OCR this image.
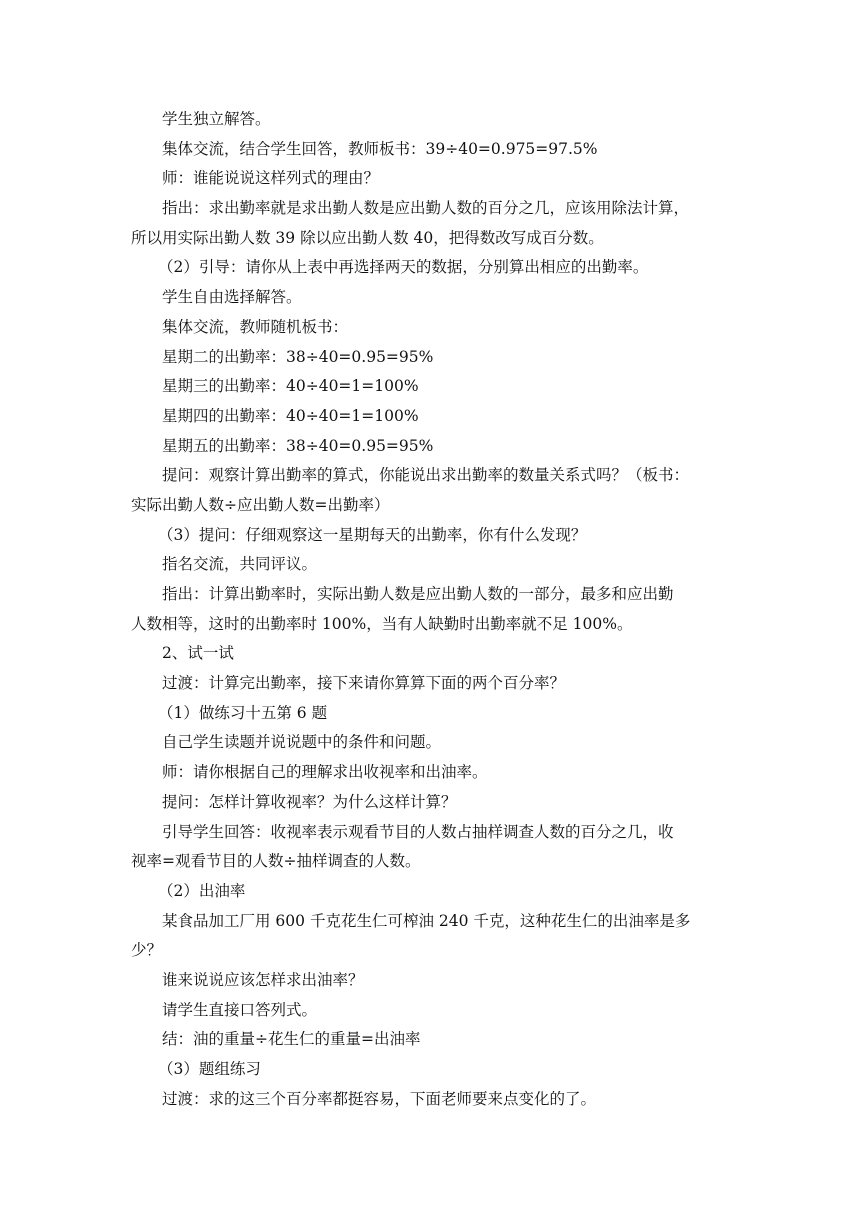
学生独立解答。
集体交流，结合学生回答，教师板书：39÷40=0.975=97.5%
师：谁能说说这样列式的理由？
指出：求出勤率就是求出勤人数是应出勤人数的百分之几，应该用除法计算，
所以用实际出勤人数 39 除以应出勤人数 40，把得数改写成百分数。
（2）引导：请你从上表中再选择两天的数据，分别算出相应的出勤率。
学生自由选择解答。
集体交流，教师随机板书：
星期二的出勤率：38÷40=0.95=95%
星期三的出勤率：40÷40=1=100%
星期四的出勤率：40÷40=1=100%
星期五的出勤率：38÷40=0.95=95%
提问：观察计算出勤率的算式，你能说出求出勤率的数量关系式吗？（板书：
实际出勤人数÷应出勤人数=出勤率）
（3）提问：仔细观察这一星期每天的出勤率，你有什么发现？
指名交流，共同评议。
指出：计算出勤率时，实际出勤人数是应出勤人数的一部分，最多和应出勤
人数相等，这时的出勤率时 100%，当有人缺勤时出勤率就不足 100%。
2、试一试
过渡：计算完出勤率，接下来请你算算下面的两个百分率？
（1）做练习十五第 6 题
自己学生读题并说说题中的条件和问题。
师：请你根据自己的理解求出收视率和出油率。
提问：怎样计算收视率？为什么这样计算？
引导学生回答：收视率表示观看节目的人数占抽样调查人数的百分之几，收
视率=观看节目的人数÷抽样调查的人数。
（2）出油率
某食品加工厂用 600 千克花生仁可榨油 240 千克，这种花生仁的出油率是多
少？
谁来说说应该怎样求出油率？
请学生直接口答列式。
结：油的重量÷花生仁的重量=出油率
（3）题组练习
过渡：求的这三个百分率都挺容易，下面老师要来点变化的了。
